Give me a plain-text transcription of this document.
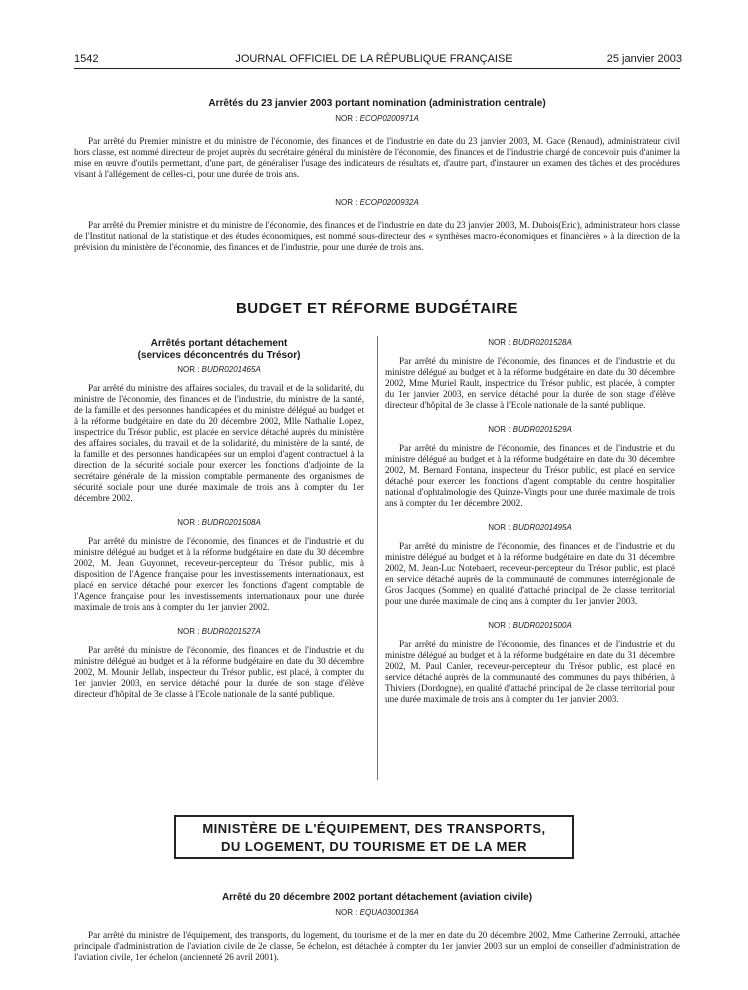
1542	JOURNAL OFFICIEL DE LA RÉPUBLIQUE FRANÇAISE	25 janvier 2003
Arrêtés du 23 janvier 2003 portant nomination (administration centrale)
NOR : ECOP0200971A

Par arrêté du Premier ministre et du ministre de l'économie, des finances et de l'industrie en date du 23 janvier 2003, M. Gace (Renaud), administrateur civil hors classe, est nommé directeur de projet auprès du secrétaire général du ministère de l'économie, des finances et de l'industrie chargé de concevoir puis d'animer la mise en œuvre d'outils permettant, d'une part, de généraliser l'usage des indicateurs de résultats et, d'autre part, d'instaurer un examen des tâches et des procédures visant à l'allégement de celles-ci, pour une durée de trois ans.

NOR : ECOP0200932A

Par arrêté du Premier ministre et du ministre de l'économie, des finances et de l'industrie en date du 23 janvier 2003, M. Dubois(Eric), administrateur hors classe de l'Institut national de la statistique et des études économiques, est nommé sous-directeur des « synthèses macro-économiques et financières » à la direction de la prévision du ministère de l'économie, des finances et de l'industrie, pour une durée de trois ans.

BUDGET ET RÉFORME BUDGÉTAIRE
Arrêtés portant détachement
(services déconcentrés du Trésor)
NOR : BUDR0201465A

Par arrêté du ministre des affaires sociales, du travail et de la solidarité, du ministre de l'économie, des finances et de l'industrie, du ministre de la santé, de la famille et des personnes handicapées et du ministre délégué au budget et à la réforme budgétaire en date du 20 décembre 2002, Mlle Nathalie Lopez, inspectrice du Trésor public, est placée en service détaché auprès du ministère des affaires sociales, du travail et de la solidarité, du ministère de la santé, de la famille et des personnes handicapées sur un emploi d'agent contractuel à la direction de la sécurité sociale pour exercer les fonctions d'adjointe de la secrétaire générale de la mission comptable permanente des organismes de sécurité sociale pour une durée maximale de trois ans à compter du 1er décembre 2002.

NOR : BUDR0201508A

Par arrêté du ministre de l'économie, des finances et de l'industrie et du ministre délégué au budget et à la réforme budgétaire en date du 30 décembre 2002, M. Jean Guyonnet, receveur-percepteur du Trésor public, mis à disposition de l'Agence française pour les investissements internationaux, est placé en service détaché pour exercer les fonctions d'agent comptable de l'Agence française pour les investissements internationaux pour une durée maximale de trois ans à compter du 1er janvier 2002.

NOR : BUDR0201527A

Par arrêté du ministre de l'économie, des finances et de l'industrie et du ministre délégué au budget et à la réforme budgétaire en date du 30 décembre 2002, M. Mounir Jellab, inspecteur du Trésor public, est placé, à compter du 1er janvier 2003, en service détaché pour la durée de son stage d'élève directeur d'hôpital de 3e classe à l'Ecole nationale de la santé publique.

NOR : BUDR0201528A

Par arrêté du ministre de l'économie, des finances et de l'industrie et du ministre délégué au budget et à la réforme budgétaire en date du 30 décembre 2002, Mme Muriel Rault, inspectrice du Trésor public, est placée, à compter du 1er janvier 2003, en service détaché pour la durée de son stage d'élève directeur d'hôpital de 3e classe à l'Ecole nationale de la santé publique.

NOR : BUDR0201529A

Par arrêté du ministre de l'économie, des finances et de l'industrie et du ministre délégué au budget et à la réforme budgétaire en date du 30 décembre 2002, M. Bernard Fontana, inspecteur du Trésor public, est placé en service détaché pour exercer les fonctions d'agent comptable du centre hospitalier national d'ophtalmologie des Quinze-Vingts pour une durée maximale de trois ans à compter du 1er décembre 2002.

NOR : BUDR0201495A

Par arrêté du ministre de l'économie, des finances et de l'industrie et du ministre délégué au budget et à la réforme budgétaire en date du 31 décembre 2002, M. Jean-Luc Notebaert, receveur-percepteur du Trésor public, est placé en service détaché auprès de la communauté de communes interrégionale de Gros Jacques (Somme) en qualité d'attaché principal de 2e classe territorial pour une durée maximale de cinq ans à compter du 1er janvier 2003.

NOR : BUDR0201500A

Par arrêté du ministre de l'économie, des finances et de l'industrie et du ministre délégué au budget et à la réforme budgétaire en date du 31 décembre 2002, M. Paul Canler, receveur-percepteur du Trésor public, est placé en service détaché auprès de la communauté des communes du pays thibérien, à Thiviers (Dordogne), en qualité d'attaché principal de 2e classe territorial pour une durée maximale de trois ans à compter du 1er janvier 2003.

MINISTÈRE DE L'ÉQUIPEMENT, DES TRANSPORTS,
DU LOGEMENT, DU TOURISME ET DE LA MER
Arrêté du 20 décembre 2002 portant détachement (aviation civile)
NOR : EQUA0300136A

Par arrêté du ministre de l'équipement, des transports, du logement, du tourisme et de la mer en date du 20 décembre 2002, Mme Catherine Zerrouki, attachée principale d'administration de l'aviation civile de 2e classe, 5e échelon, est détachée à compter du 1er janvier 2003 sur un emploi de conseiller d'administration de l'aviation civile, 1er échelon (ancienneté 26 avril 2001).
